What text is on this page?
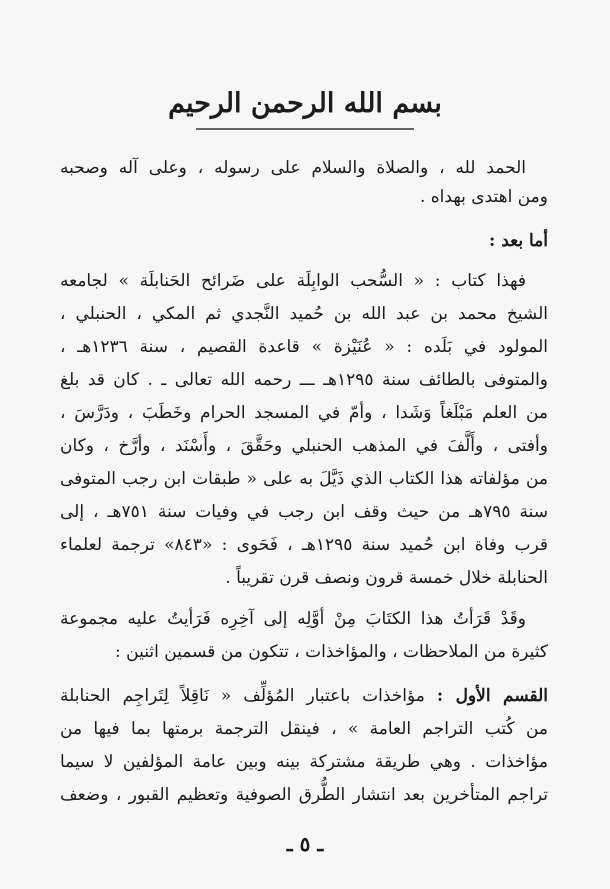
بسم الله الرحمن الرحيم
الحمد لله ، والصلاة والسلام على رسوله ، وعلى آله وصحبه
ومن اهتدى بهداه .
أما بعد :
فهذا كتاب : « السُّحب الوابِلَة على ضَرائح الحَنابلَة » لجامعه
الشيخ محمد بن عبد الله بن حُميد النَّجدي ثم المكي ، الحنبلي ،
المولود في بَلَده : « عُنَيْزة » قاعدة القصيم ، سنة ١٢٣٦هـ ،
والمتوفى بالطائف سنة ١٢٩٥هـ ـــ رحمه الله تعالى ـ . كان قد بلغ
من العلم مَبْلَغاً وَشَدا ، وأمّ في المسجد الحرام وخَطَبَ ، ودَرَّسَ ،
وأفتى ، وأَلَّفَ في المذهب الحنبلي وحَقَّقَ ، وأَسْنَد ، وأرَّخ ، وكان
من مؤلفاته هذا الكتاب الذي ذَيَّلَ به على « طبقات ابن رجب المتوفى
سنة ٧٩٥هـ من حيث وقف ابن رجب في وفيات سنة ٧٥١هـ ، إلى
قرب وفاة ابن حُميد سنة ١٢٩٥هـ ، فَحَوى : «٨٤٣» ترجمة لعلماء
الحنابلة خلال خمسة قرون ونصف قرن تقريباً .
وقَدْ قَرَأتُ هذا الكتَابَ مِنْ أوَّلِه إلى آخِرِه فَرَأيتُ عليه مجموعة
كثيرة من الملاحظات ، والمؤاخذات ، تتكون من قسمين اثنين :
القسم الأول : مؤاخذات باعتبار المُؤلِّف « نَاقِلاً لِتَراجِم الحنابلة
من كُتب التراجم العامة » ، فينقل الترجمة برمتها بما فيها من
مؤاخذات . وهي طريقة مشتركة بينه وبين عامة المؤلفين لا سيما
تراجم المتأخرين بعد انتشار الطُّرق الصوفية وتعظيم القبور ، وضعف
ـ ٥ ـ
